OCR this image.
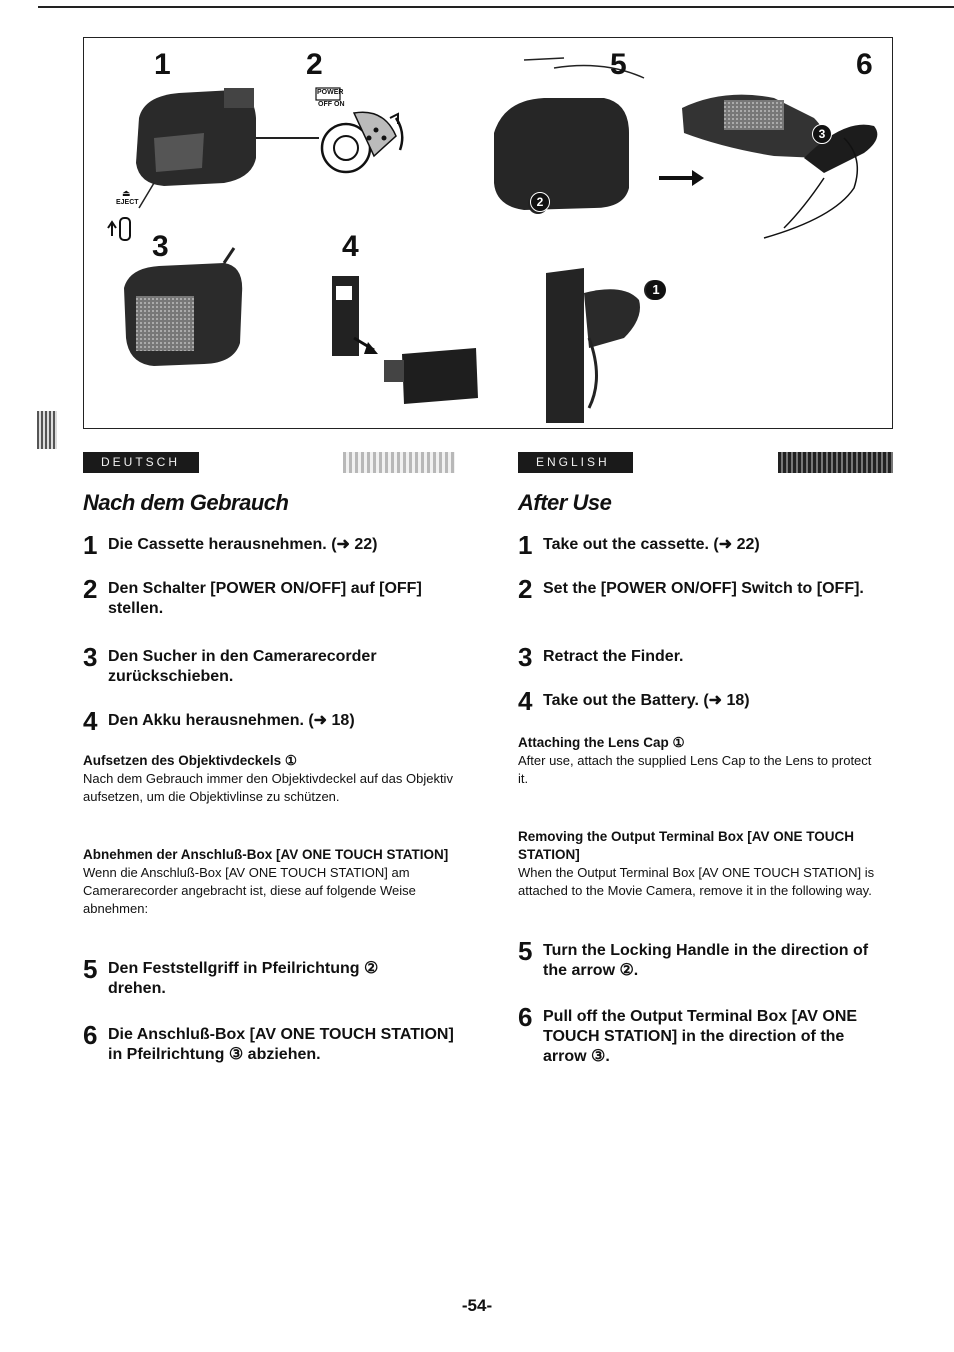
⏏
1	2	5	6
3	4
POWER
OFF ON
EJECT
1
2
3
DEUTSCH	ENGLISH
Nach dem Gebrauch
1 Die Cassette herausnehmen. (➜ 22)
2 Den Schalter [POWER ON/OFF] auf [OFF] stellen.
3 Den Sucher in den Camerarecorder zurückschieben.
4 Den Akku herausnehmen. (➜ 18)
Aufsetzen des Objektivdeckels ①
Nach dem Gebrauch immer den Objektivdeckel auf das Objektiv aufsetzen, um die Objektivlinse zu schützen.
Abnehmen der Anschluß-Box [AV ONE TOUCH STATION]
Wenn die Anschluß-Box [AV ONE TOUCH STATION] am Camerarecorder angebracht ist, diese auf folgende Weise abnehmen:
5 Den Feststellgriff in Pfeilrichtung ② drehen.
6 Die Anschluß-Box [AV ONE TOUCH STATION] in Pfeilrichtung ③ abziehen.
After Use
1 Take out the cassette. (➜ 22)
2 Set the [POWER ON/OFF] Switch to [OFF].
3 Retract the Finder.
4 Take out the Battery. (➜ 18)
Attaching the Lens Cap ①
After use, attach the supplied Lens Cap to the Lens to protect it.
Removing the Output Terminal Box [AV ONE TOUCH STATION]
When the Output Terminal Box [AV ONE TOUCH STATION] is attached to the Movie Camera, remove it in the following way.
5 Turn the Locking Handle in the direction of the arrow ②.
6 Pull off the Output Terminal Box [AV ONE TOUCH STATION] in the direction of the arrow ③.
-54-
